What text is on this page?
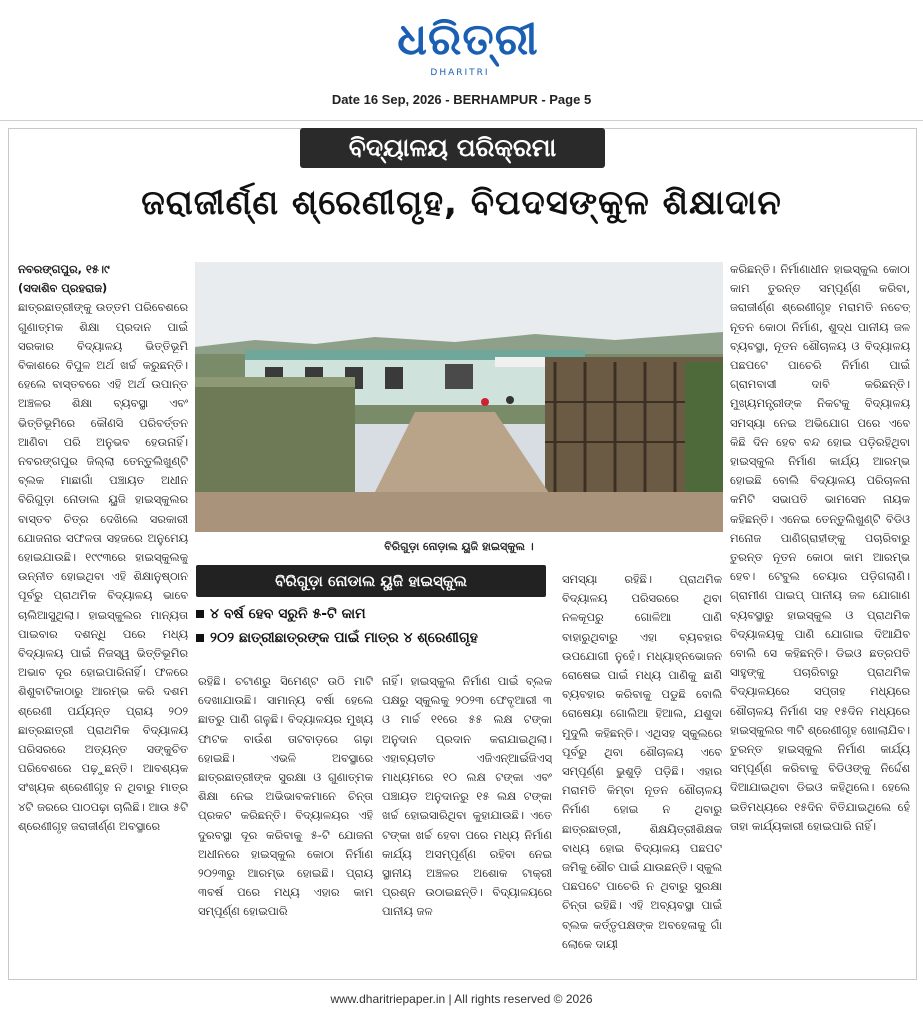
ଧରିତ୍ରୀ
DHARITRI
Date 16 Sep, 2026 - BERHAMPUR - Page 5
ବିଦ୍ୟାଳୟ ପରିକ୍ରମା
ଜରାଜୀର୍ଣ୍ଣ ଶ୍ରେଣୀଗୃହ, ବିପଦସଙ୍କୁଳ ଶିକ୍ଷାଦାନ
ନବରଙ୍ଗପୁର, ୧୫।୯
(ସଦାଶିବ ପ୍ରହରାଜ)
ଛାତ୍ରଛାତ୍ରୀଙ୍କୁ ଉତ୍ତମ ପରିବେଶରେ ଗୁଣାତ୍ମକ ଶିକ୍ଷା ପ୍ରଦାନ ପାଇଁ ସରକାର ବିଦ୍ୟାଳୟ ଭିତ୍ତିଭୂମି ବିକାଶରେ ବିପୁଳ ଅର୍ଥ ଖର୍ଚ୍ଚ କରୁଛନ୍ତି। ହେଲେ ବାସ୍ତବରେ ଏହି ଅର୍ଥ ଉପାନ୍ତ ଅଞ୍ଚଳର ଶିକ୍ଷା ବ୍ୟବସ୍ଥା ଏବଂ ଭିତ୍ତିଭୂମିରେ କୌଣସି ପରିବର୍ତ୍ତନ ଆଣିବା ପରି ଅନୁଭବ ହେଉନାହିଁ। ନବରଙ୍ଗପୁର ଜିଲ୍ଲା ତେନ୍ତୁଲିଖୁଣ୍ଟି ବ୍ଲକ ମାଛାଗାଁ ପଞ୍ଚାୟତ ଅଧୀନ ବିରିଗୁଡ଼ା ନୋଡାଲ ୟୁଜି ହାଇସ୍କୁଲର ବାସ୍ତବ ଚିତ୍ର ଦେଖିଲେ ସରକାରୀ ଯୋଜନାର ସଫଳତା ସହଜରେ ଅନୁମେୟ ହୋଇଯାଉଛି। ୧୯୯୩ରେ ହାଇସ୍କୁଲକୁ ଉନ୍ନୀତ ହୋଇଥିବା ଏହି ଶିକ୍ଷାନୁଷ୍ଠାନ ପୂର୍ବରୁ ପ୍ରାଥମିକ ବିଦ୍ୟାଳୟ ଭାବେ ଚାଲିଆସୁଥିଲା। ହାଇସ୍କୁଲର ମାନ୍ୟତା ପାଇବାର ଦଶନ୍ଧି ପରେ ମଧ୍ୟ ବିଦ୍ୟାଳୟ ପାଇଁ ନିଜସ୍ୱ ଭିତ୍ତିଭୂମିର ଅଭାବ ଦୂର ହୋଇପାରିନାହିଁ। ଫଳରେ ଶିଶୁବାଟିକାଠାରୁ ଆରମ୍ଭ କରି ଦଶମ ଶ୍ରେଣୀ ପର୍ଯ୍ୟନ୍ତ ପ୍ରାୟ ୨୦୨ ଛାତ୍ରଛାତ୍ରୀ ପ୍ରାଥମିକ ବିଦ୍ୟାଳୟ ପରିସରରେ ଅତ୍ୟନ୍ତ ସଙ୍କୁଚିତ ପରିବେଶରେ ପଢ଼ୁଛନ୍ତି। ଆବଶ୍ୟକ ସଂଖ୍ୟକ ଶ୍ରେଣୀଗୃହ ନ ଥିବାରୁ ମାତ୍ର ୪ଟି ଜରରେ ପାଠପଢ଼ା ଚାଲିଛି। ଆଉ ୫ଟି ଶ୍ରେଣୀଗୃହ ଜରାଜୀର୍ଣ୍ଣ ଅବସ୍ଥାରେ
ବିରିଗୁଡ଼ା ନୋଡ଼ାଲ ୟୁଜି ହାଇସ୍କୁଲ ।
ବିରିଗୁଡ଼ା ନୋଡାଲ ୟୁଜି ହାଇସ୍କୁଲ
୪ ବର୍ଷ ହେବ ସରୁନି ୫-ଟି କାମ
୨୦୨ ଛାତ୍ରୀଛାତ୍ରଙ୍କ ପାଇଁ ମାତ୍ର ୪ ଶ୍ରେଣୀଗୃହ
ରହିଛି। ଚଟାଣରୁ ସିମେଣ୍ଟ ଉଠି ମାଟି ଦେଖାଯାଉଛି। ସାମାନ୍ୟ ବର୍ଷା ହେଲେ ଛାତରୁ ପାଣି ଗଳୁଛି। ବିଦ୍ୟାଳୟର ମୁଖ୍ୟ ଫାଟକ ବାଉଁଶ ତାଟବାଡ଼ରେ ଗଢ଼ା ହୋଇଛି। ଏଭଳି ଅବସ୍ଥାରେ ଛାତ୍ରଛାତ୍ରୀଙ୍କ ସୁରକ୍ଷା ଓ ଗୁଣାତ୍ମକ ଶିକ୍ଷା ନେଇ ଅଭିଭାବକମାନେ ଚିନ୍ତା ପ୍ରକଟ କରିଛନ୍ତି। ବିଦ୍ୟାଳୟର ଏହି ଦୁରବସ୍ଥା ଦୂର କରିବାକୁ ୫-ଟି ଯୋଜନା ଅଧୀନରେ ହାଇସ୍କୁଲ କୋଠା ନିର୍ମାଣ ୨୦୨୩ରୁ ଆରମ୍ଭ ହୋଇଛି। ପ୍ରାୟ ୩ବର୍ଷ ପରେ ମଧ୍ୟ ଏହାର କାମ ସମ୍ପୂର୍ଣ୍ଣ ହୋଇପାରି
ନାହିଁ। ହାଇସ୍କୁଲ ନିର୍ମାଣ ପାଇଁ ବ୍ଲକ ପକ୍ଷରୁ ସ୍କୁଲକୁ ୨୦୨୩ ଫେବୃଆରୀ ୩ ଓ ମାର୍ଚ୍ଚ ୧୧ରେ ୫୫ ଲକ୍ଷ ଟଙ୍କା ଅନୁଦାନ ପ୍ରଦାନ କରାଯାଇଥିଲା। ଏହାବ୍ୟତୀତ ଏଜିଏନ୍ଆର୍ଇଜିଏସ୍ ମାଧ୍ୟମରେ ୧୦ ଲକ୍ଷ ଟଙ୍କା ଏବଂ ପଞ୍ଚାୟତ ଅନୁଦାନରୁ ୧୫ ଲକ୍ଷ ଟଙ୍କା ଖର୍ଚ୍ଚ ହୋଇସାରିଥିବା କୁହାଯାଉଛି। ଏତେ ଟଙ୍କା ଖର୍ଚ୍ଚ ହେବା ପରେ ମଧ୍ୟ ନିର୍ମାଣ କାର୍ଯ୍ୟ ଅସମ୍ପୂର୍ଣ୍ଣ ରହିବା ନେଇ ସ୍ଥାନୀୟ ଅଞ୍ଚଳର ଅଶୋକ ଟାକ୍ରୀ ପ୍ରଶ୍ନ ଉଠାଇଛନ୍ତି। ବିଦ୍ୟାଳୟରେ ପାନୀୟ ଜଳ
ସମସ୍ୟା ରହିଛି। ପ୍ରାଥମିକ ବିଦ୍ୟାଳୟ ପରିସରରେ ଥିବା ନଳକୂପରୁ ଗୋଳିଆ ପାଣି ବାହାରୁଥିବାରୁ ଏହା ବ୍ୟବହାର ଉପଯୋଗୀ ନୁହେଁ। ମଧ୍ୟାହ୍ନଭୋଜନ ରୋଷେଇ ପାଇଁ ମଧ୍ୟ ପାଣିକୁ ଛାଣି ବ୍ୟବହାର କରିବାକୁ ପଡୁଛି ବୋଲି ରୋଷେୟା ଗୋଲିଆ ହିଆଲ, ଯଶୁଦା ମୁଦୁଲି କହିଛନ୍ତି। ଏଥିସହ ସ୍କୁଲରେ ପୂର୍ବରୁ ଥିବା ଶୌଚାଳୟ ଏବେ ସମ୍ପୂର୍ଣ୍ଣ ଭୁଶୁଡ଼ି ପଡ଼ିଛି। ଏହାର ମରାମତି କିମ୍ବା ନୂତନ ଶୌଚାଳୟ ନିର୍ମାଣ ହୋଇ ନ ଥିବାରୁ ଛାତ୍ରଛାତ୍ରୀ, ଶିକ୍ଷୟିତ୍ରୀଶିକ୍ଷକ ବାଧ୍ୟ ହୋଇ ବିଦ୍ୟାଳୟ ପଛପଟ ଜମିକୁ ଶୌଚ ପାଇଁ ଯାଉଛନ୍ତି। ସ୍କୁଲ ପଛପଟେ ପାଚେରି ନ ଥିବାରୁ ସୁରକ୍ଷା ଚିନ୍ତା ରହିଛି। ଏହି ଅବ୍ୟବସ୍ଥା ପାଇଁ ବ୍ଲକ କର୍ତ୍ତୃପକ୍ଷଙ୍କ ଅବହେଳାକୁ ଗାଁ ଲୋକେ ଦାୟୀ
କରିଛନ୍ତି। ନିର୍ମାଣାଧୀନ ହାଇସ୍କୁଲ କୋଠା କାମ ତୁରନ୍ତ ସମ୍ପୂର୍ଣ୍ଣ କରିବା, ଜରାଜୀର୍ଣ୍ଣ ଶ୍ରେଣୀଗୃହ ମରାମତି ନଚେତ୍ ନୂତନ କୋଠା ନିର୍ମାଣ, ଶୁଦ୍ଧ ପାନୀୟ ଜଳ ବ୍ୟବସ୍ଥା, ନୂତନ ଶୌଚାଳୟ ଓ ବିଦ୍ୟାଳୟ ପଛପଟେ ପାଚେରି ନିର୍ମାଣ ପାଇଁ ଗ୍ରାମବାସୀ ଦାବି କରିଛନ୍ତି। ମୁଖ୍ୟମନ୍ତ୍ରୀଙ୍କ ନିକଟକୁ ବିଦ୍ୟାଳୟ ସମସ୍ୟା ନେଇ ଅଭିଯୋଗ ପରେ ଏବେ କିଛି ଦିନ ହେବ ବନ୍ଦ ହୋଇ ପଡ଼ିରହିଥିବା ହାଇସ୍କୁଲ ନିର୍ମାଣ କାର୍ଯ୍ୟ ଆରମ୍ଭ ହୋଇଛି ବୋଲି ବିଦ୍ୟାଳୟ ପରିଚାଳନା କମିଟି ସଭାପତି ଭାମସେନ ନାୟକ କହିଛନ୍ତି। ଏନେଇ ତେନ୍ତୁଲିଖୁଣ୍ଟି ବିଡିଓ ମନୋଜ ପାଣିଗ୍ରାହୀଙ୍କୁ ପଚାରିବାରୁ ତୁରନ୍ତ ନୂତନ କୋଠା କାମ ଆରମ୍ଭ ହେବ। ଟେବୁଲ ଚେୟାର ପଡ଼ିଗଲାଣି। ଗ୍ରାମୀଣ ପାଇପ୍ ପାନୀୟ ଜଳ ଯୋଗାଣ ବ୍ୟବସ୍ଥାରୁ ହାଇସ୍କୁଲ ଓ ପ୍ରାଥମିକ ବିଦ୍ୟାଳୟକୁ ପାଣି ଯୋଗାଇ ଦିଆଯିବ ବୋଲି ସେ କହିଛନ୍ତି। ଡିଇଓ ଛତ୍ରପତି ସାହୁଙ୍କୁ ପଚାରିବାରୁ ପ୍ରାଥମିକ ବିଦ୍ୟାଳୟରେ ସପ୍ତାହ ମଧ୍ୟରେ ଶୌଚାଳୟ ନିର୍ମାଣ ସହ ୧୫ଦିନ ମଧ୍ୟରେ ହାଇସ୍କୁଲର ୩ଟି ଶ୍ରେଣୀଗୃହ ଖୋଲାଯିବ। ତୁରନ୍ତ ହାଇସ୍କୁଲ ନିର୍ମାଣ କାର୍ଯ୍ୟ ସମ୍ପୂର୍ଣ୍ଣ କରିବାକୁ ବିଡିଓଙ୍କୁ ନିର୍ଦ୍ଦେଶ ଦିଆଯାଇଥିବା ଡିଇଓ କହିଥିଲେ। ହେଲେ ଇତିମଧ୍ୟରେ ୧୫ଦିନ ବିତିଯାଇଥିଲେ ହେଁ ତାହା କାର୍ଯ୍ୟକାରୀ ହୋଇପାରି ନାହିଁ।
www.dharitriepaper.in | All rights reserved © 2026
